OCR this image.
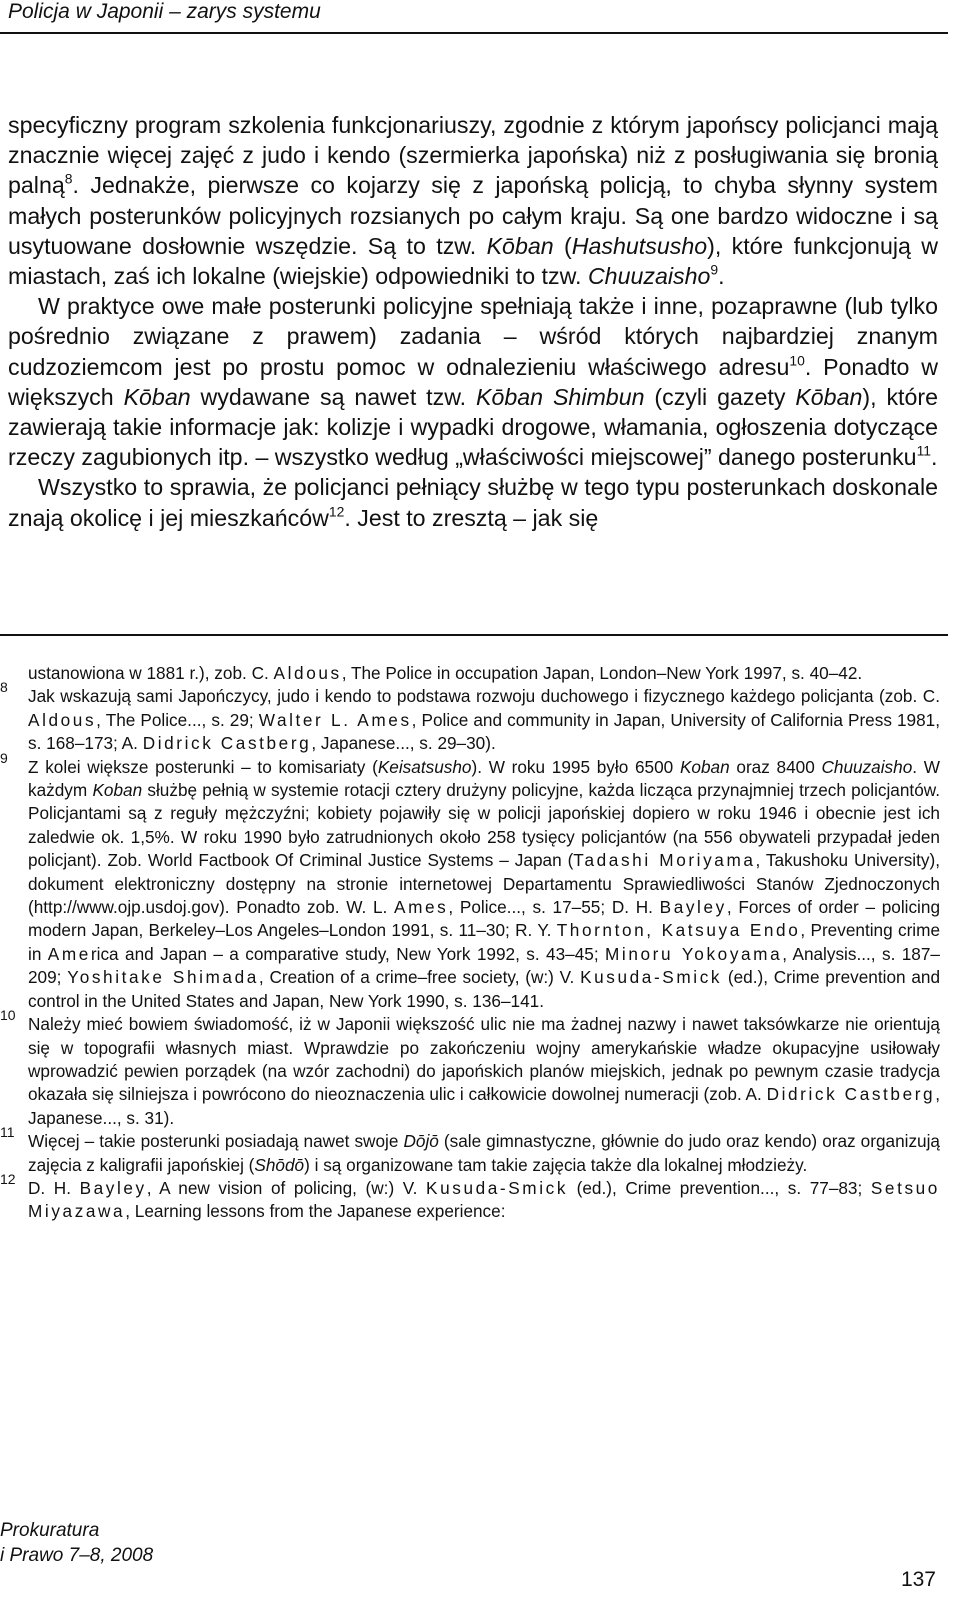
Policja w Japonii – zarys systemu

specyficzny program szkolenia funkcjonariuszy, zgodnie z którym japońscy policjanci mają znacznie więcej zajęć z judo i kendo (szermierka japońska) niż z posługiwania się bronią palną$^8$. Jednakże, pierwsze co kojarzy się z japońską policją, to chyba słynny system małych posterunków policyjnych rozsianych po całym kraju. Są one bardzo widoczne i są usytuowane dosłownie wszędzie. Są to tzw. Kōban (Hashutsusho), które funkcjonują w miastach, zaś ich lokalne (wiejskie) odpowiedniki to tzw. Chuuzaisho$^9$.

W praktyce owe małe posterunki policyjne spełniają także i inne, pozaprawne (lub tylko pośrednio związane z prawem) zadania – wśród których najbardziej znanym cudzoziemcom jest po prostu pomoc w odnalezieniu właściwego adresu$^{10}$. Ponadto w większych Kōban wydawane są nawet tzw. Kōban Shimbun (czyli gazety Kōban), które zawierają takie informacje jak: kolizje i wypadki drogowe, włamania, ogłoszenia dotyczące rzeczy zagubionych itp. – wszystko według „właściwości miejscowej” danego posterunku$^{11}$.

Wszystko to sprawia, że policjanci pełniący służbę w tego typu posterunkach doskonale znają okolicę i jej mieszkańców$^{12}$. Jest to zresztą – jak się

ustanowiona w 1881 r.), zob. C. Aldous, The Police in occupation Japan, London–New York 1997, s. 40–42.

8 Jak wskazują sami Japończycy, judo i kendo to podstawa rozwoju duchowego i fizycznego każdego policjanta (zob. C. Aldous, The Police..., s. 29; Walter L. Ames, Police and community in Japan, University of California Press 1981, s. 168–173; A. Didrick Castberg, Japanese..., s. 29–30).

9 Z kolei większe posterunki – to komisariaty (Keisatsusho). W roku 1995 było 6500 Koban oraz 8400 Chuuzaisho. W każdym Koban służbę pełnią w systemie rotacji cztery drużyny policyjne, każda licząca przynajmniej trzech policjantów. Policjantami są z reguły mężczyźni; kobiety pojawiły się w policji japońskiej dopiero w roku 1946 i obecnie jest ich zaledwie ok. 1,5%. W roku 1990 było zatrudnionych około 258 tysięcy policjantów (na 556 obywateli przypadał jeden policjant). Zob. World Factbook Of Criminal Justice Systems – Japan (Tadashi Moriyama, Takushoku University), dokument elektroniczny dostępny na stronie internetowej Departamentu Sprawiedliwości Stanów Zjednoczonych (http://www.ojp.usdoj.gov). Ponadto zob. W. L. Ames, Police..., s. 17–55; D. H. Bayley, Forces of order – policing modern Japan, Berkeley–Los Angeles–London 1991, s. 11–30; R. Y. Thornton, Katsuya Endo, Preventing crime in America and Japan – a comparative study, New York 1992, s. 43–45; Minoru Yokoyama, Analysis..., s. 187–209; Yoshitake Shimada, Creation of a crime–free society, (w:) V. Kusuda-Smick (ed.), Crime prevention and control in the United States and Japan, New York 1990, s. 136–141.

10 Należy mieć bowiem świadomość, iż w Japonii większość ulic nie ma żadnej nazwy i nawet taksówkarze nie orientują się w topografii własnych miast. Wprawdzie po zakończeniu wojny amerykańskie władze okupacyjne usiłowały wprowadzić pewien porządek (na wzór zachodni) do japońskich planów miejskich, jednak po pewnym czasie tradycja okazała się silniejsza i powrócono do nieoznaczenia ulic i całkowicie dowolnej numeracji (zob. A. Didrick Castberg, Japanese..., s. 31).

11 Więcej – takie posterunki posiadają nawet swoje Dōjō (sale gimnastyczne, głównie do judo oraz kendo) oraz organizują zajęcia z kaligrafii japońskiej (Shōdō) i są organizowane tam takie zajęcia także dla lokalnej młodzieży.

12 D. H. Bayley, A new vision of policing, (w:) V. Kusuda-Smick (ed.), Crime prevention..., s. 77–83; Setsuo Miyazawa, Learning lessons from the Japanese experience:

Prokuratura
i Prawo 7–8, 2008
137
